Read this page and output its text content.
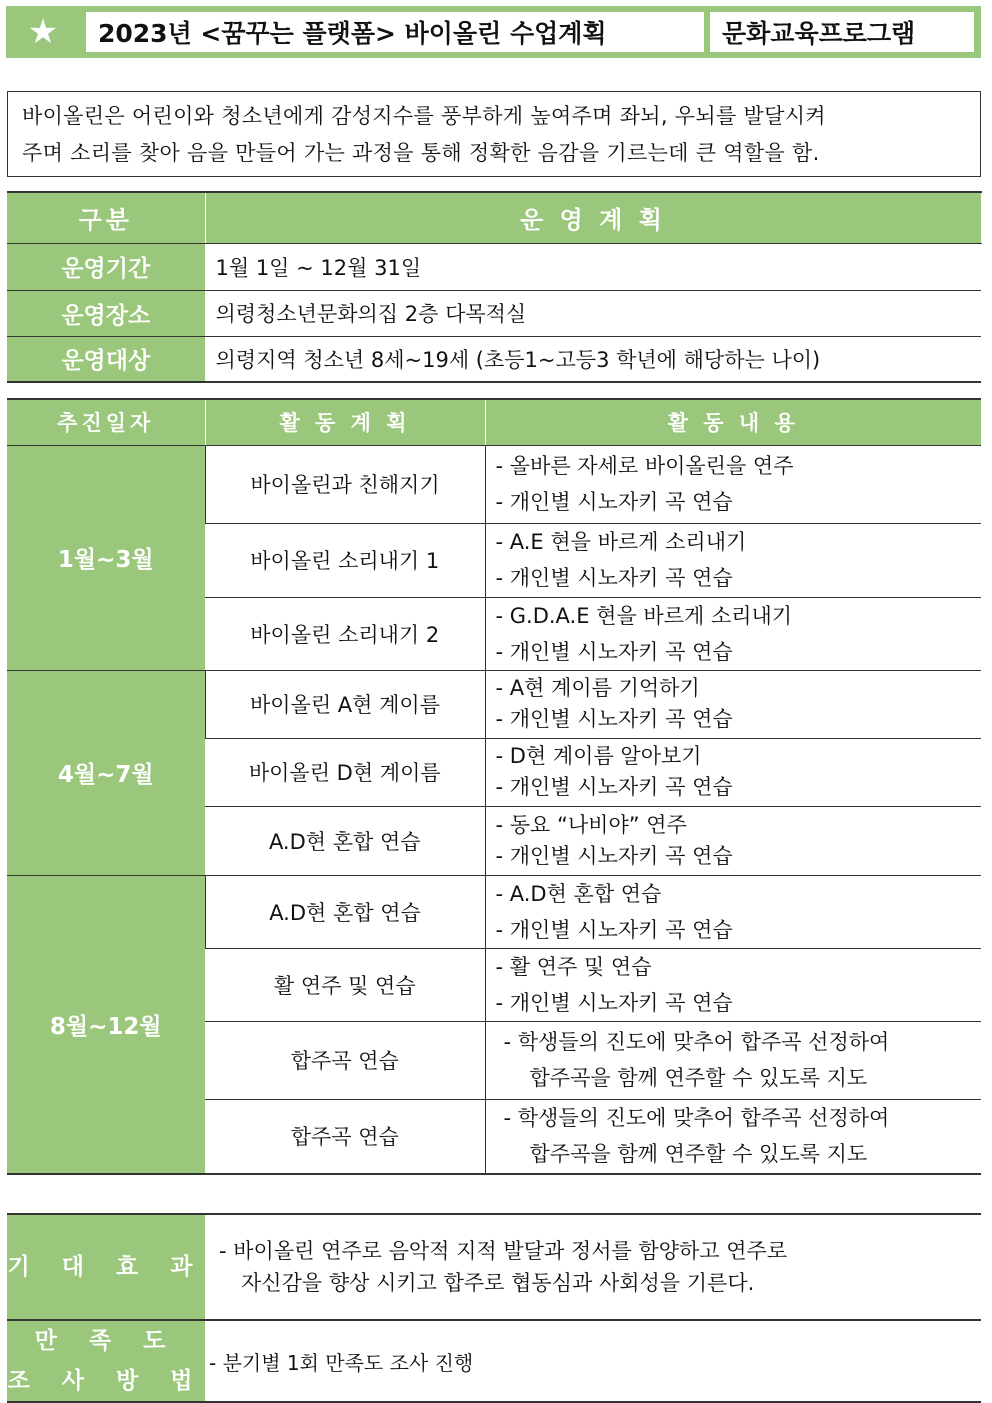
★	2023년 <꿈꾸는 플랫폼> 바이올린 수업계획	문화교육프로그램
바이올린은 어린이와 청소년에게 감성지수를 풍부하게 높여주며 좌뇌, 우뇌를 발달시켜
주며 소리를 찾아 음을 만들어 가는 과정을 통해 정확한 음감을 기르는데 큰 역할을 함.
구분	운 영 계 획
운영기간	1월 1일 ~ 12월 31일
운영장소	의령청소년문화의집 2층 다목적실
운영대상	의령지역 청소년 8세~19세 (초등1~고등3 학년에 해당하는 나이)
추진일자	활 동 계 획	활 동 내 용
1월~3월	바이올린과 친해지기	- 올바른 자세로 바이올린을 연주
- 개인별 시노자키 곡 연습

	바이올린 소리내기 1	- A.E 현을 바르게 소리내기
- 개인별 시노자키 곡 연습

	바이올린 소리내기 2	- G.D.A.E 현을 바르게 소리내기
- 개인별 시노자키 곡 연습

4월~7월	바이올린 A현 계이름	- A현 계이름 기억하기
- 개인별 시노자키 곡 연습

	바이올린 D현 계이름	- D현 계이름 알아보기
- 개인별 시노자키 곡 연습

	A.D현 혼합 연습	- 동요 “나비야” 연주
- 개인별 시노자키 곡 연습

8월~12월	A.D현 혼합 연습	- A.D현 혼합 연습
- 개인별 시노자키 곡 연습

	활 연주 및 연습	- 활 연주 및 연습
- 개인별 시노자키 곡 연습

	합주곡 연습	- 학생들의 진도에 맞추어 합주곡 선정하여
합주곡을 함께 연주할 수 있도록 지도

	합주곡 연습	- 학생들의 진도에 맞추어 합주곡 선정하여
합주곡을 함께 연주할 수 있도록 지도
기 대 효 과	- 바이올린 연주로 음악적 지적 발달과 정서를 함양하고 연주로
자신감을 향상 시키고 합주로 협동심과 사회성을 기른다.

만 족 도
조 사 방 법	- 분기별 1회 만족도 조사 진행
